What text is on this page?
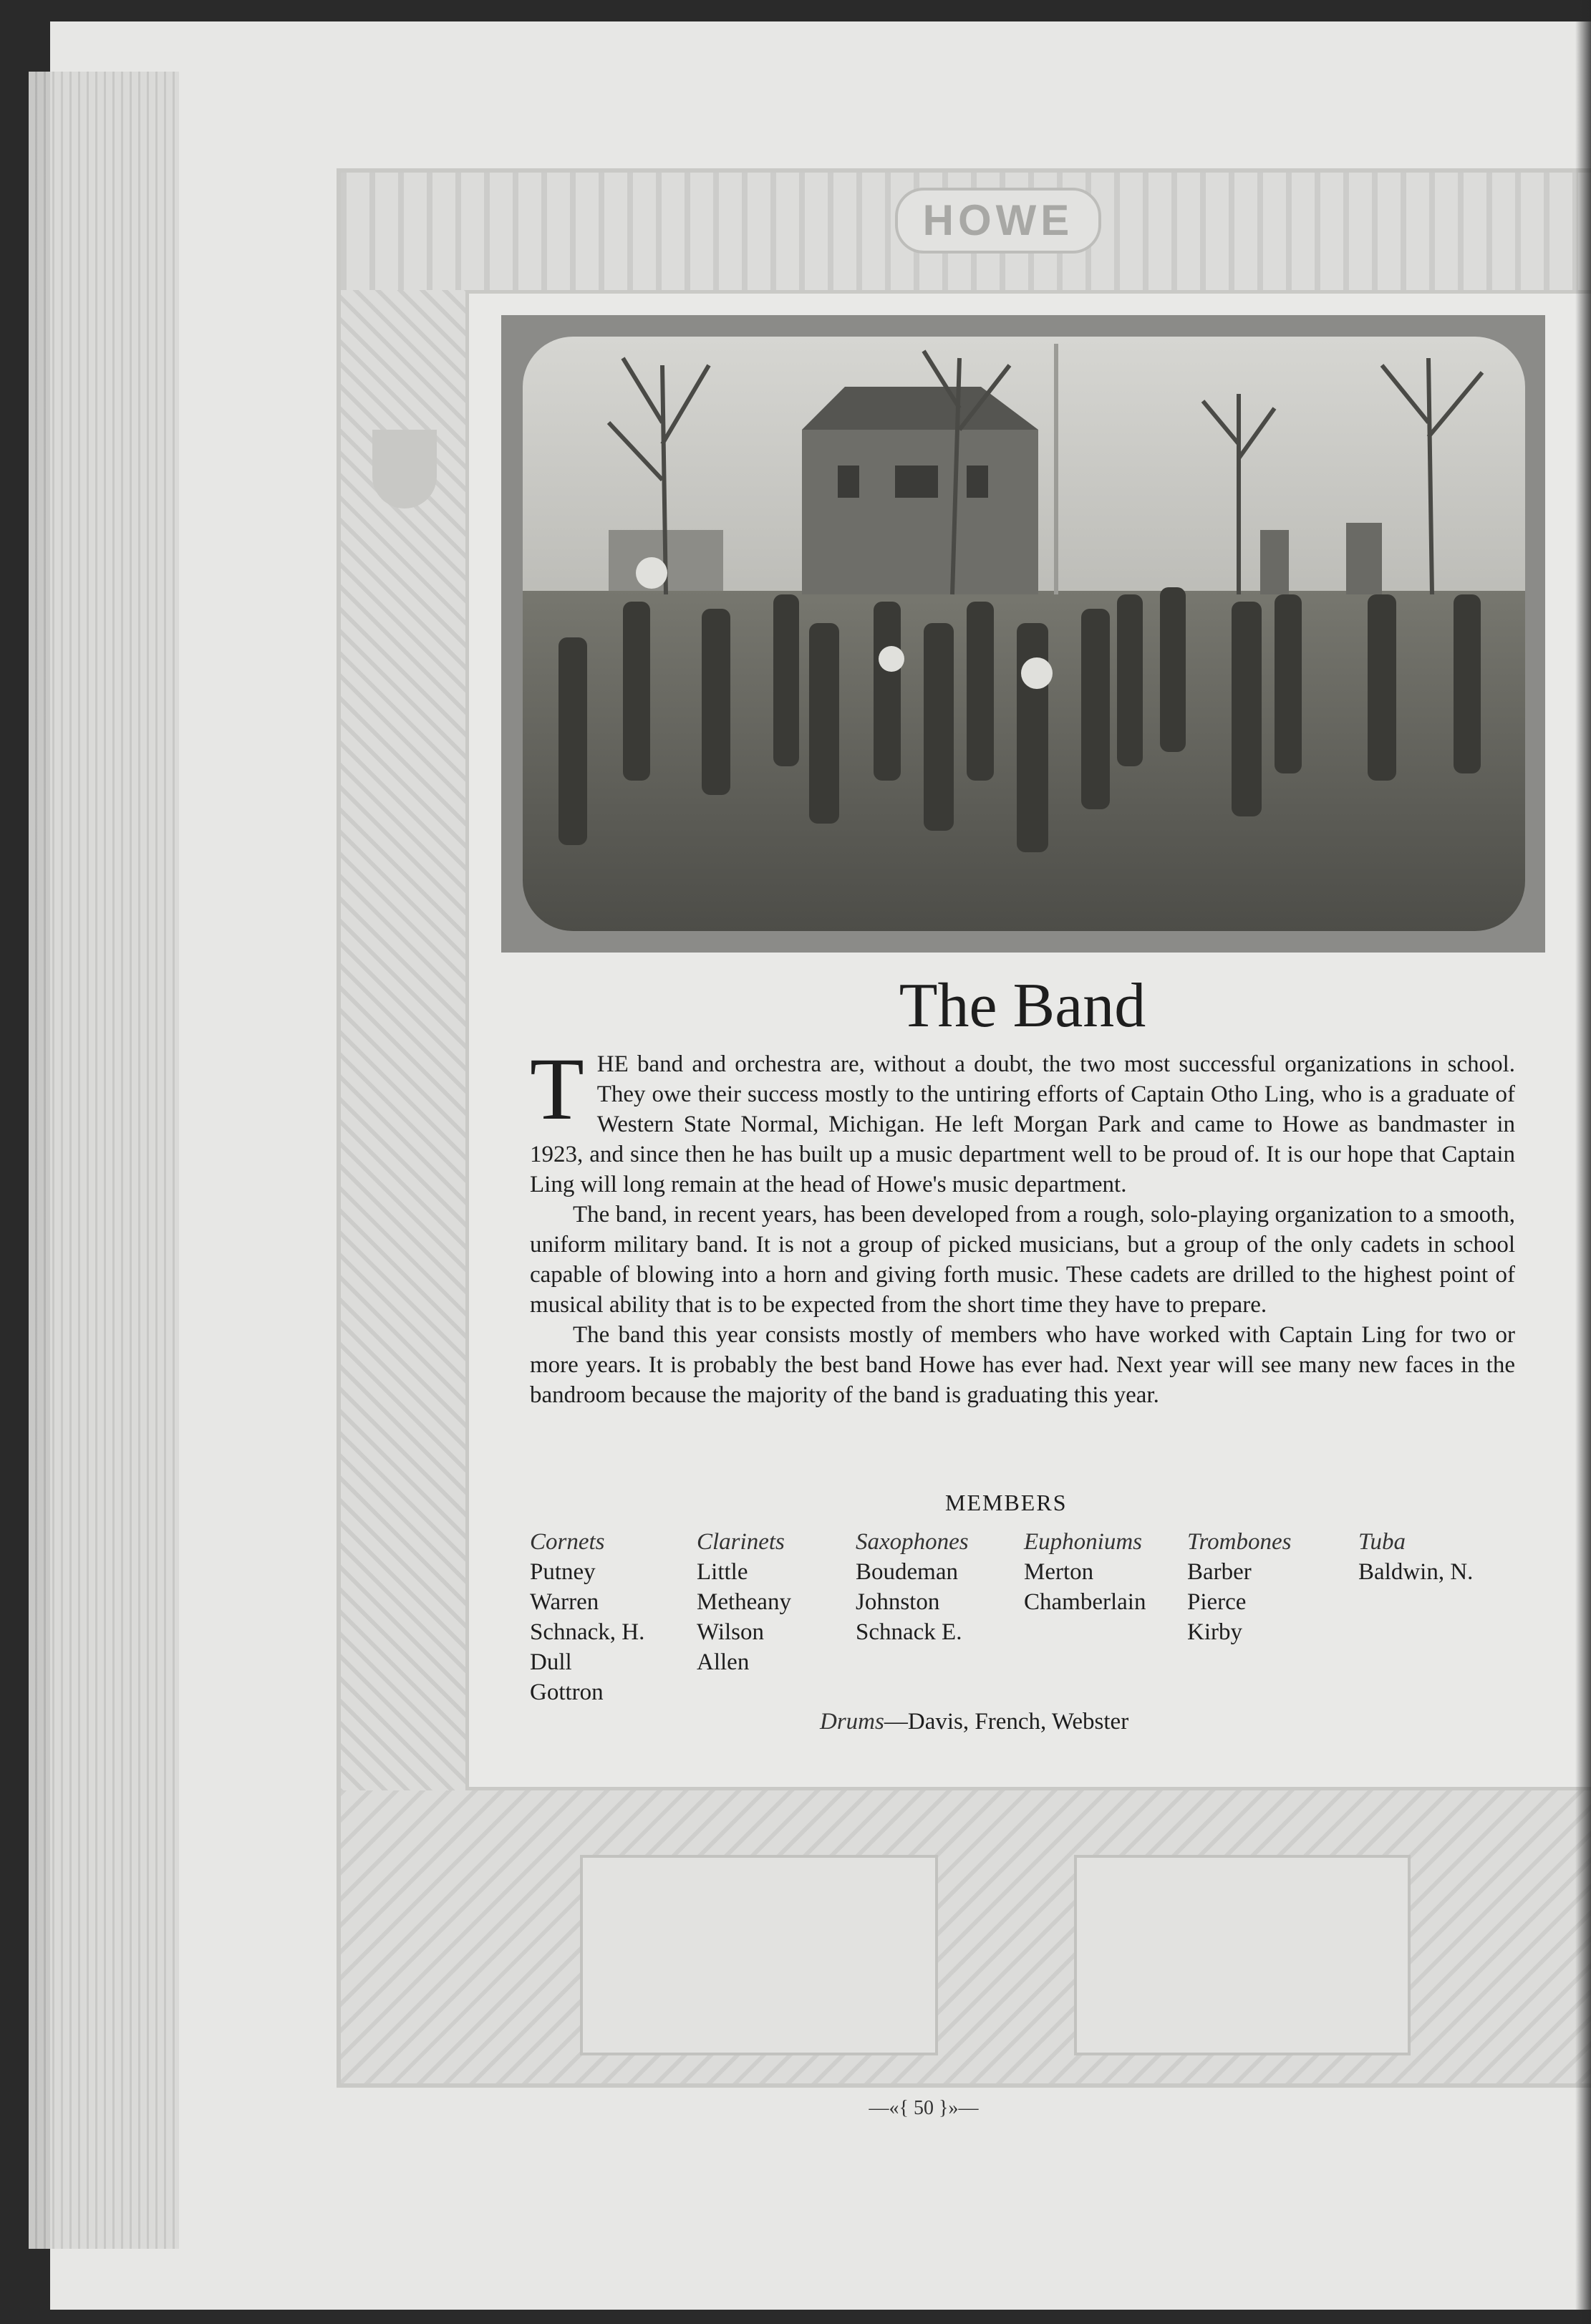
HOWE
The Band
T HE band and orchestra are, without a doubt, the two most successful organizations in school. They owe their success mostly to the untiring efforts of Captain Otho Ling, who is a graduate of Western State Normal, Michigan. He left Morgan Park and came to Howe as bandmaster in 1923, and since then he has built up a music department well to be proud of. It is our hope that Captain Ling will long remain at the head of Howe's music department.

The band, in recent years, has been developed from a rough, solo-playing organization to a smooth, uniform military band. It is not a group of picked musicians, but a group of the only cadets in school capable of blowing into a horn and giving forth music. These cadets are drilled to the highest point of musical ability that is to be expected from the short time they have to prepare.

The band this year consists mostly of members who have worked with Captain Ling for two or more years. It is probably the best band Howe has ever had. Next year will see many new faces in the bandroom because the majority of the band is graduating this year.

MEMBERS
Cornets
Putney
Warren
Schnack, H.
Dull
Gottron
Clarinets
Little
Metheany
Wilson
Allen
Saxophones
Boudeman
Johnston
Schnack E.
Euphoniums
Merton
Chamberlain
Trombones
Barber
Pierce
Kirby
Tuba
Baldwin, N.
Drums—Davis, French, Webster
—«{ 50 }»—
